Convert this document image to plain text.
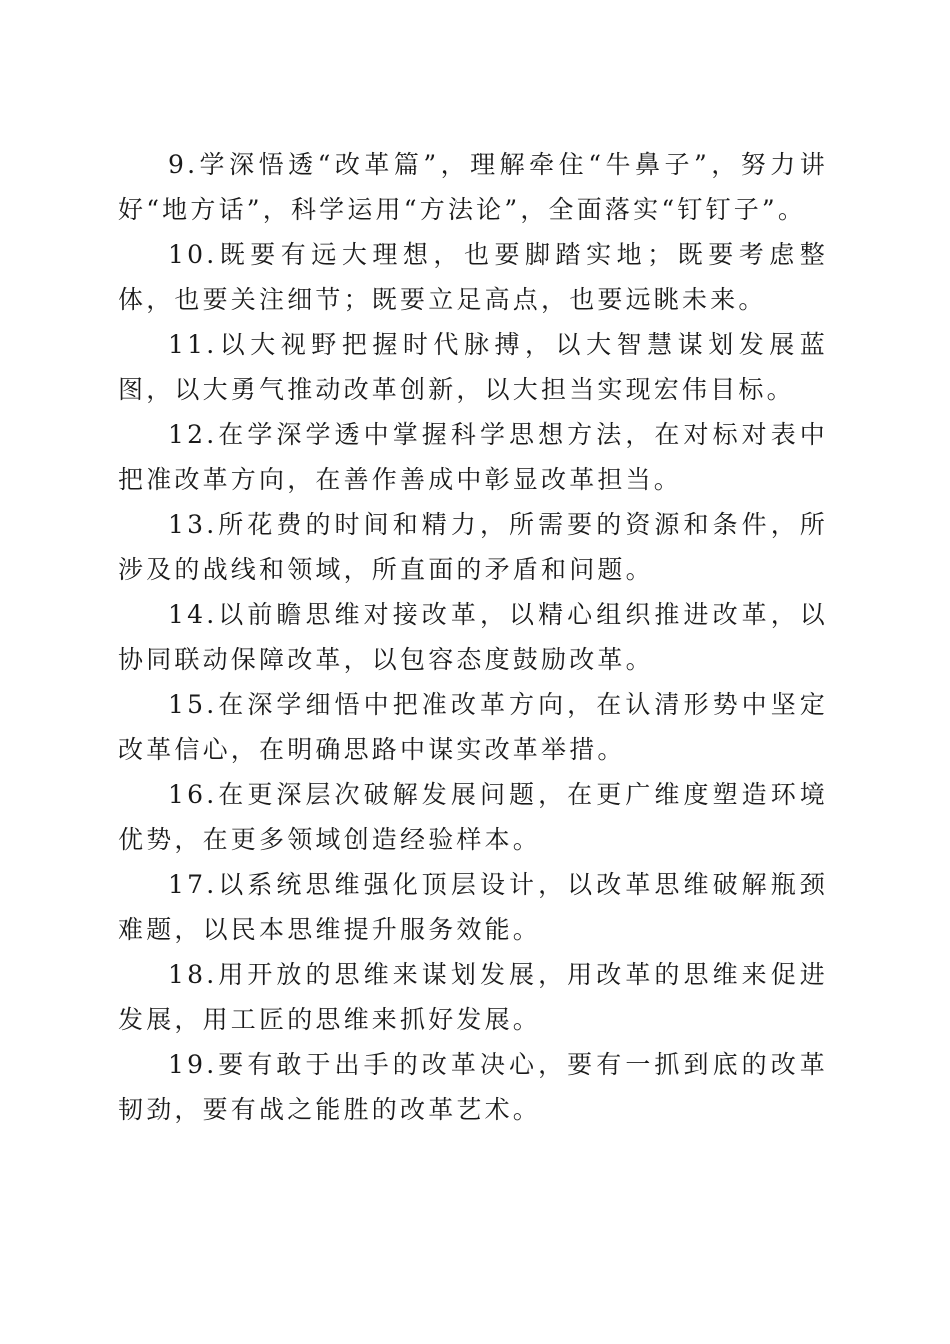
9.学深悟透“改革篇”，理解牵住“牛鼻子”，努力讲好“地方话”，科学运用“方法论”，全面落实“钉钉子”。

10.既要有远大理想，也要脚踏实地；既要考虑整体，也要关注细节；既要立足高点，也要远眺未来。

11.以大视野把握时代脉搏，以大智慧谋划发展蓝图，以大勇气推动改革创新，以大担当实现宏伟目标。

12.在学深学透中掌握科学思想方法，在对标对表中把准改革方向，在善作善成中彰显改革担当。

13.所花费的时间和精力，所需要的资源和条件，所涉及的战线和领域，所直面的矛盾和问题。

14.以前瞻思维对接改革，以精心组织推进改革，以协同联动保障改革，以包容态度鼓励改革。

15.在深学细悟中把准改革方向，在认清形势中坚定改革信心，在明确思路中谋实改革举措。

16.在更深层次破解发展问题，在更广维度塑造环境优势，在更多领域创造经验样本。

17.以系统思维强化顶层设计，以改革思维破解瓶颈难题，以民本思维提升服务效能。

18.用开放的思维来谋划发展，用改革的思维来促进发展，用工匠的思维来抓好发展。

19.要有敢于出手的改革决心，要有一抓到底的改革韧劲，要有战之能胜的改革艺术。
